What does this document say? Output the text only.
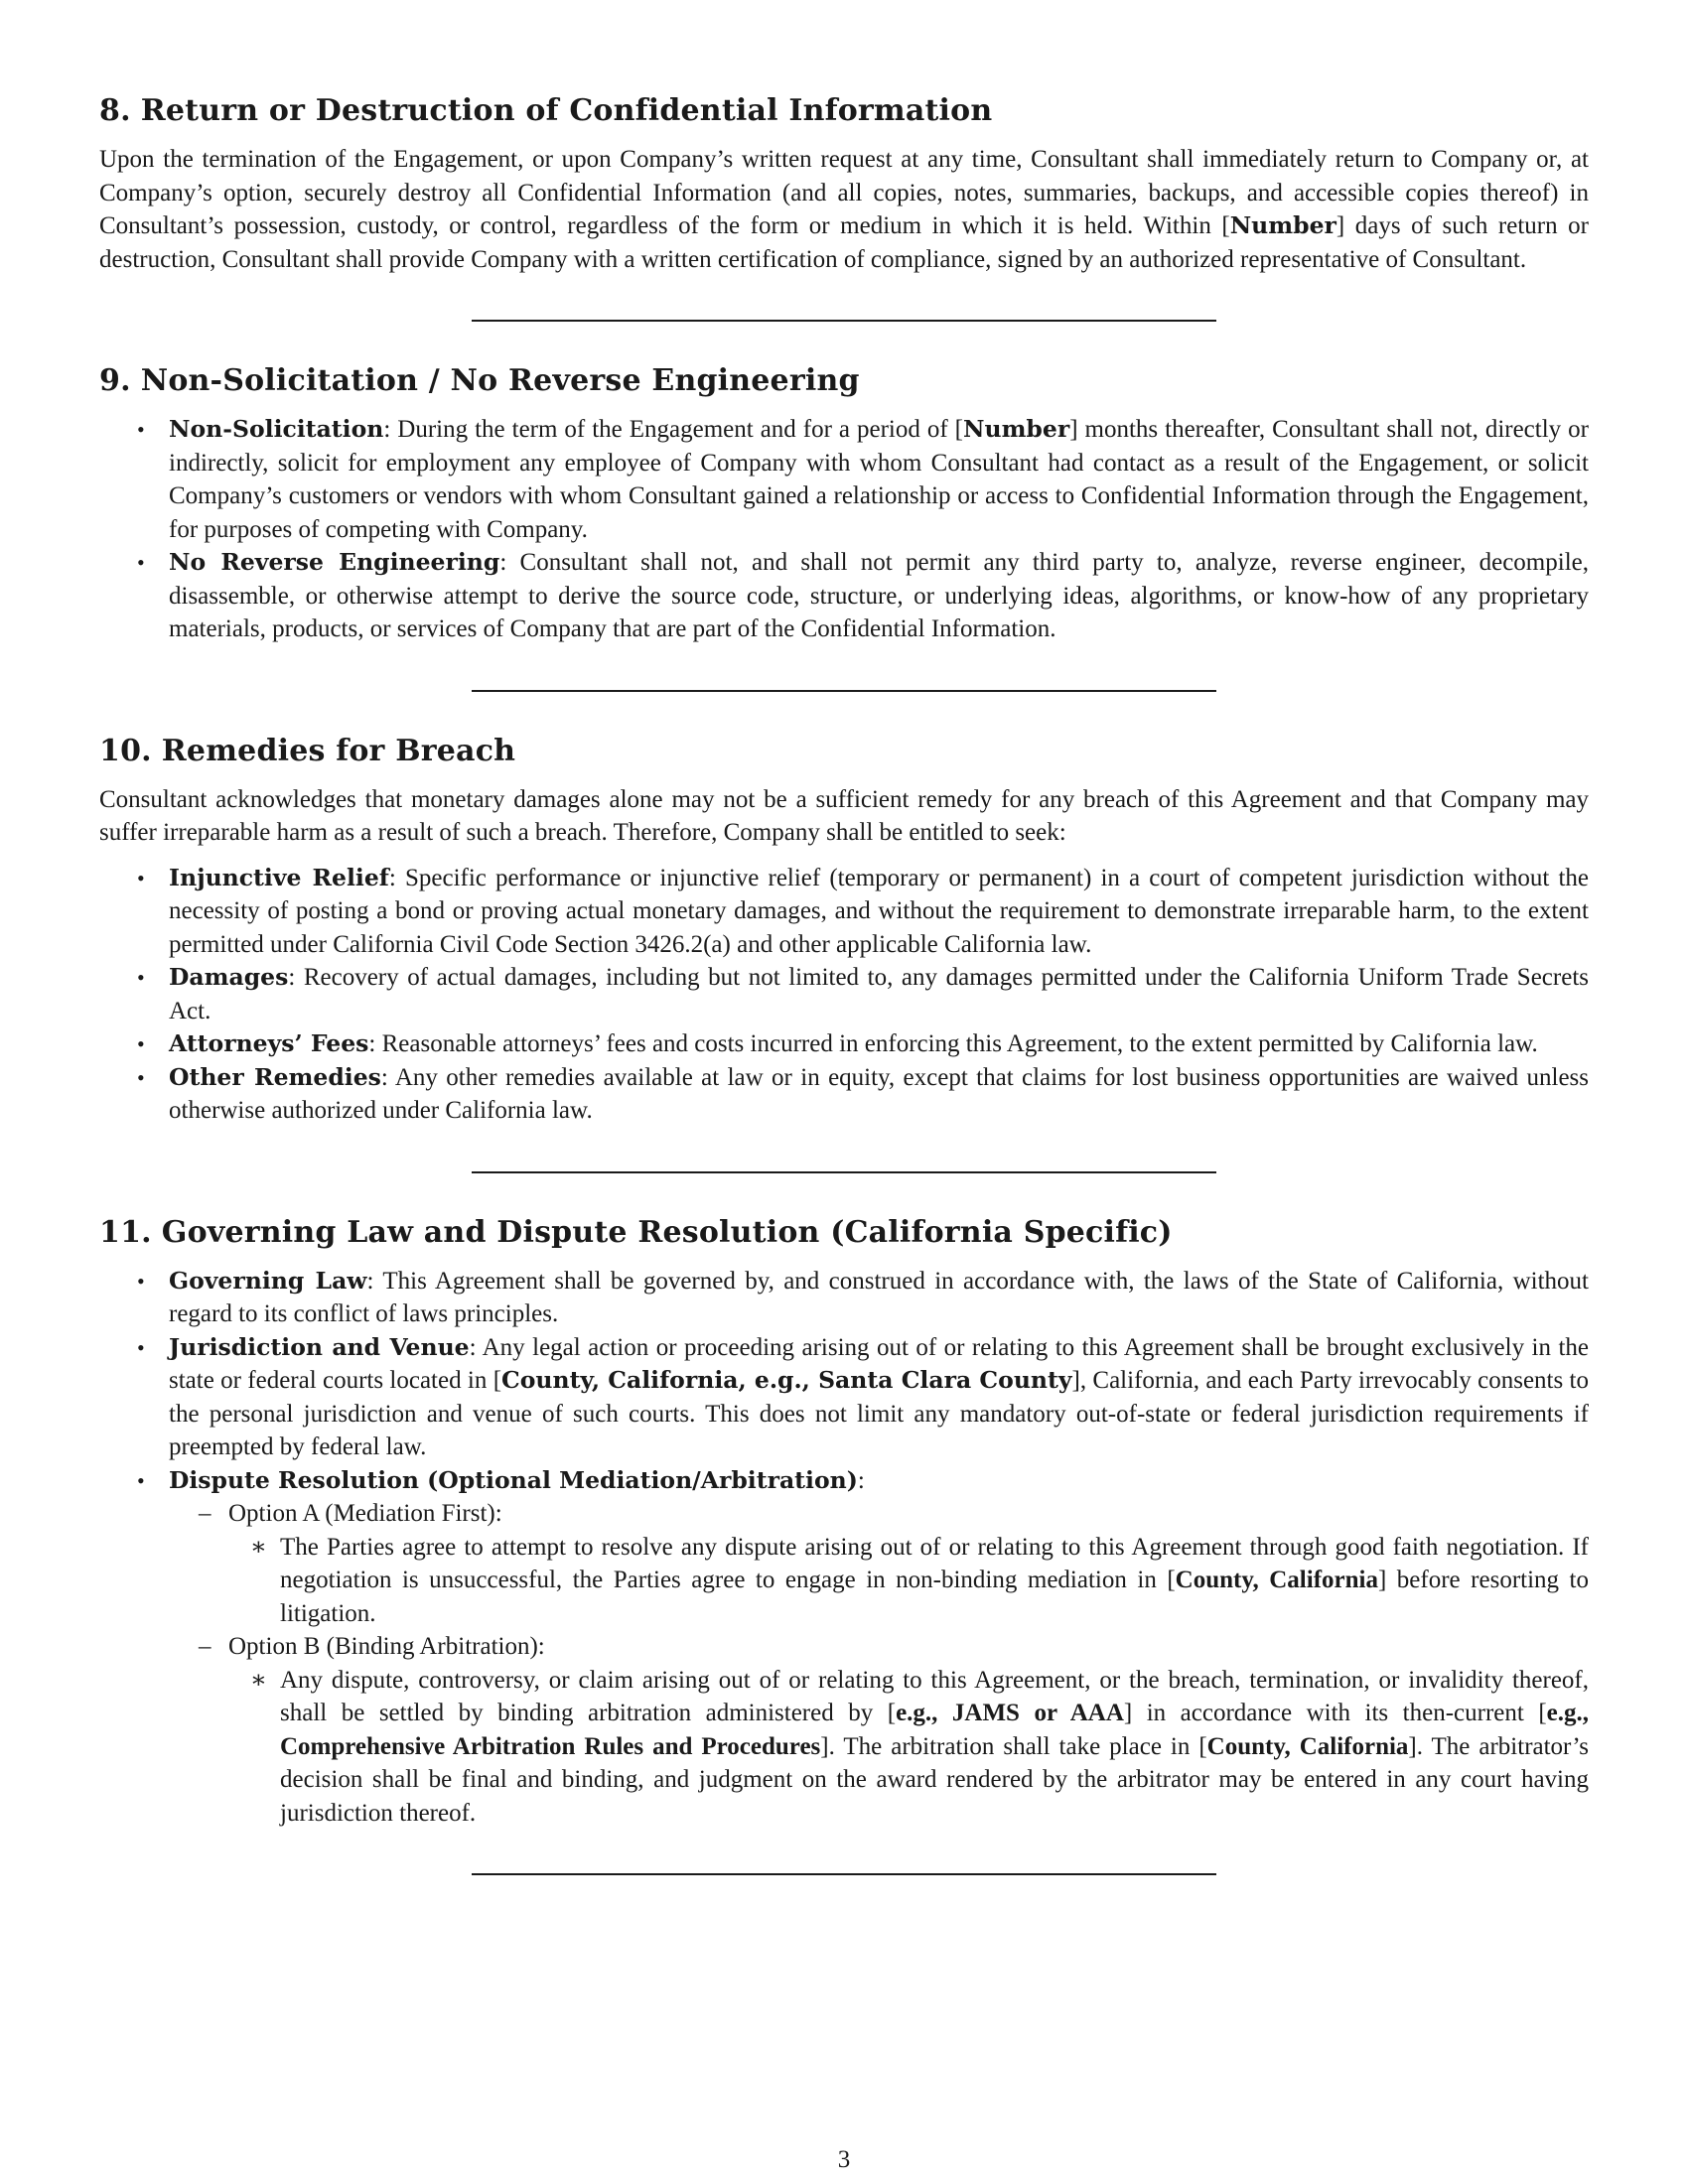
8. Return or Destruction of Confidential Information

Upon the termination of the Engagement, or upon Company’s written request at any time, Consultant shall immediately return to Company or, at Company’s option, securely destroy all Confidential Information (and all copies, notes, summaries, backups, and accessible copies thereof) in Consultant’s possession, custody, or control, regardless of the form or medium in which it is held. Within [Number] days of such return or destruction, Consultant shall provide Company with a written certification of compliance, signed by an authorized representative of Consultant.

9. Non-Solicitation / No Reverse Engineering
• Non-Solicitation: During the term of the Engagement and for a period of [Number] months thereafter, Consultant shall not, directly or indirectly, solicit for employment any employee of Company with whom Consultant had contact as a result of the Engagement, or solicit Company’s customers or vendors with whom Consultant gained a relationship or access to Confidential Information through the Engagement, for purposes of competing with Company.
• No Reverse Engineering: Consultant shall not, and shall not permit any third party to, analyze, reverse engineer, decompile, disassemble, or otherwise attempt to derive the source code, structure, or underlying ideas, algorithms, or know-how of any proprietary materials, products, or services of Company that are part of the Confidential Information.
10. Remedies for Breach

Consultant acknowledges that monetary damages alone may not be a sufficient remedy for any breach of this Agreement and that Company may suffer irreparable harm as a result of such a breach. Therefore, Company shall be entitled to seek:

• Injunctive Relief: Specific performance or injunctive relief (temporary or permanent) in a court of competent jurisdiction without the necessity of posting a bond or proving actual monetary damages, and without the requirement to demonstrate irreparable harm, to the extent permitted under California Civil Code Section 3426.2(a) and other applicable California law.
• Damages: Recovery of actual damages, including but not limited to, any damages permitted under the California Uniform Trade Secrets Act.
• Attorneys’ Fees: Reasonable attorneys’ fees and costs incurred in enforcing this Agreement, to the extent permitted by California law.
• Other Remedies: Any other remedies available at law or in equity, except that claims for lost business opportunities are waived unless otherwise authorized under California law.
11. Governing Law and Dispute Resolution (California Specific)
• Governing Law: This Agreement shall be governed by, and construed in accordance with, the laws of the State of California, without regard to its conflict of laws principles.
• Jurisdiction and Venue: Any legal action or proceeding arising out of or relating to this Agreement shall be brought exclusively in the state or federal courts located in [County, California, e.g., Santa Clara County], California, and each Party irrevocably consents to the personal jurisdiction and venue of such courts. This does not limit any mandatory out-of-state or federal jurisdiction requirements if preempted by federal law.
• Dispute Resolution (Optional Mediation/Arbitration):
– Option A (Mediation First):
∗ The Parties agree to attempt to resolve any dispute arising out of or relating to this Agreement through good faith negotiation. If negotiation is unsuccessful, the Parties agree to engage in non-binding mediation in [County, California] before resorting to litigation.
– Option B (Binding Arbitration):
∗ Any dispute, controversy, or claim arising out of or relating to this Agreement, or the breach, termination, or invalidity thereof, shall be settled by binding arbitration administered by [e.g., JAMS or AAA] in accordance with its then-current [e.g., Comprehensive Arbitration Rules and Procedures]. The arbitration shall take place in [County, California]. The arbitrator’s decision shall be final and binding, and judgment on the award rendered by the arbitrator may be entered in any court having jurisdiction thereof.
3
